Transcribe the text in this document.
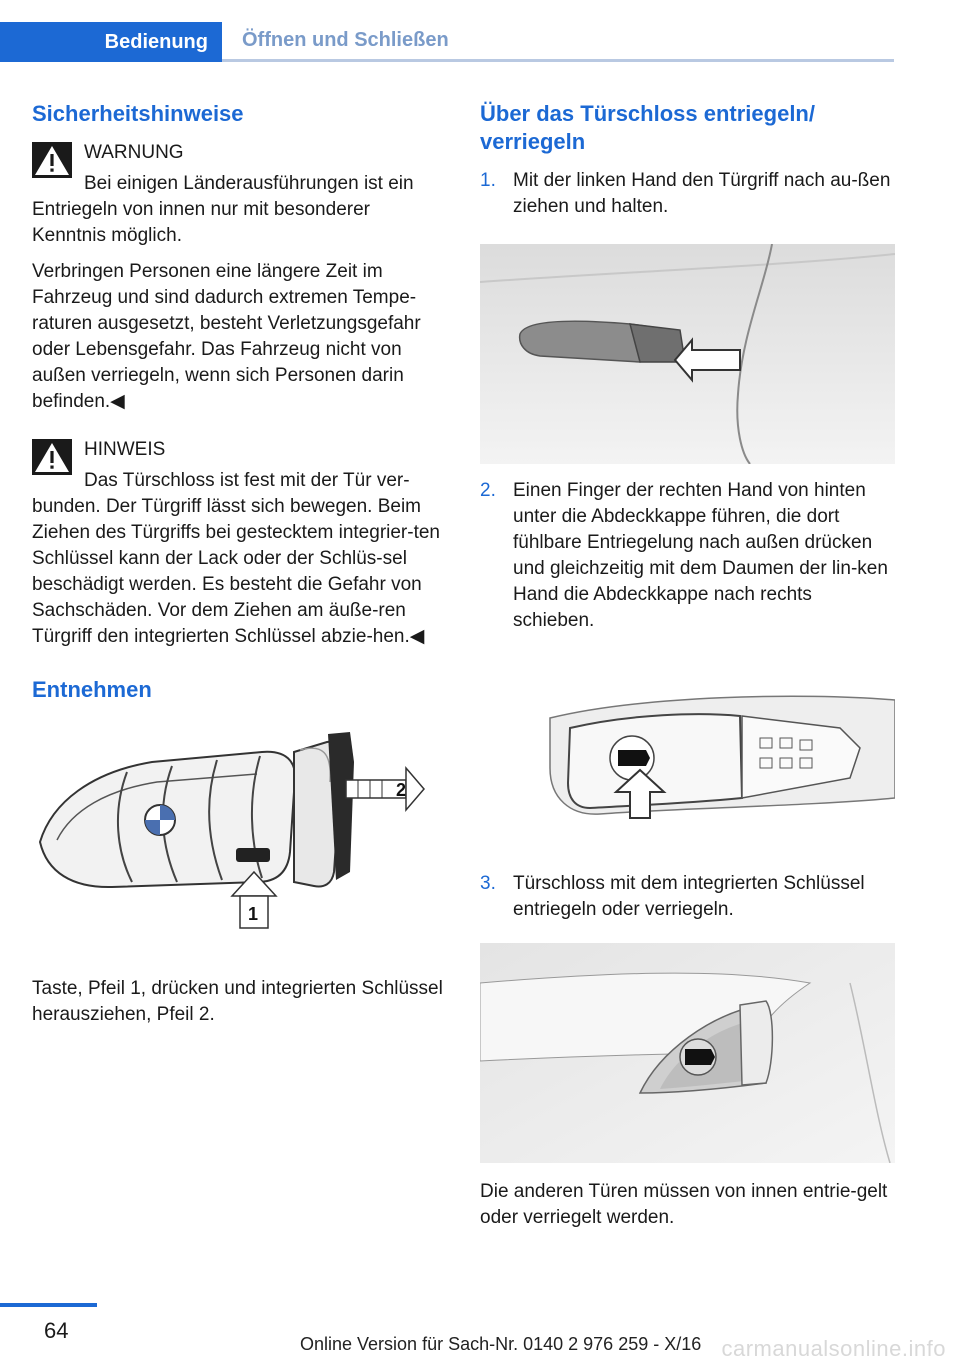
Bedienung	Öffnen und Schließen
Sicherheitshinweise
WARNUNG

Bei einigen Länderausführungen ist ein

Entriegeln von innen nur mit besonderer Kenntnis möglich.

Verbringen Personen eine längere Zeit im Fahrzeug und sind dadurch extremen Tempe‐raturen ausgesetzt, besteht Verletzungsgefahr oder Lebensgefahr. Das Fahrzeug nicht von außen verriegeln, wenn sich Personen darin befinden.◀

HINWEIS

Das Türschloss ist fest mit der Tür ver‐

bunden. Der Türgriff lässt sich bewegen. Beim Ziehen des Türgriffs bei gestecktem integrier‐ten Schlüssel kann der Lack oder der Schlüs‐sel beschädigt werden. Es besteht die Gefahr von Sachschäden. Vor dem Ziehen am äuße‐ren Türgriff den integrierten Schlüssel abzie‐hen.◀

Entnehmen
2
1

Taste, Pfeil 1, drücken und integrierten Schlüssel herausziehen, Pfeil 2.

Über das Türschloss entriegeln/ verriegeln
1. Mit der linken Hand den Türgriff nach au‐ßen ziehen und halten.
2. Einen Finger der rechten Hand von hinten unter die Abdeckkappe führen, die dort fühlbare Entriegelung nach außen drücken und gleichzeitig mit dem Daumen der lin‐ken Hand die Abdeckkappe nach rechts schieben.
3. Türschloss mit dem integrierten Schlüssel entriegeln oder verriegeln.

Die anderen Türen müssen von innen entrie‐gelt oder verriegelt werden.

64
Online Version für Sach-Nr. 0140 2 976 259 - X/16 carmanualsonline.info
